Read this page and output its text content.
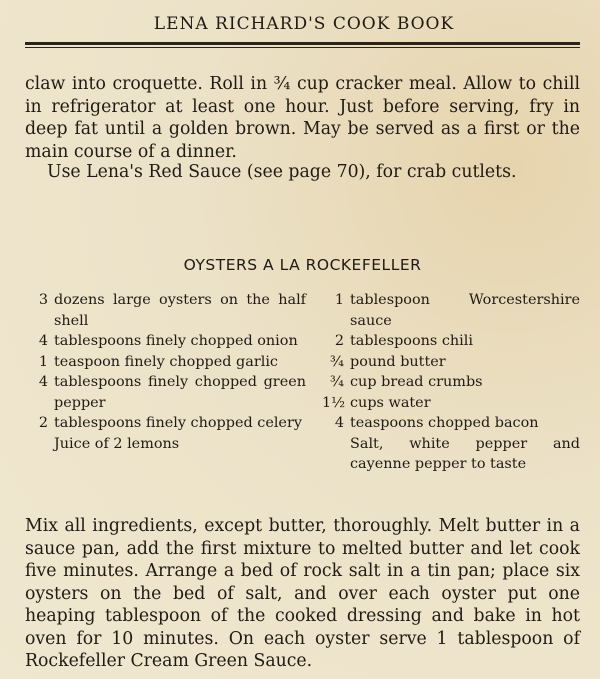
LENA RICHARD'S COOK BOOK

claw into croquette. Roll in ¾ cup cracker meal. Allow to chill in refrigerator at least one hour. Just before serving, fry in deep fat until a golden brown. May be served as a first or the main course of a dinner.

Use Lena's Red Sauce (see page 70), for crab cutlets.

OYSTERS A LA ROCKEFELLER
3 dozens large oysters on the half shell
4 tablespoons finely chopped onion
1 teaspoon finely chopped garlic
4 tablespoons finely chopped green pepper
2 tablespoons finely chopped celery
Juice of 2 lemons
1 tablespoon Worcestershire sauce
2 tablespoons chili
¾ pound butter
¾ cup bread crumbs
1½ cups water
4 teaspoons chopped bacon
Salt, white pepper and cayenne pepper to taste

Mix all ingredients, except butter, thoroughly. Melt butter in a sauce pan, add the first mixture to melted butter and let cook five minutes. Arrange a bed of rock salt in a tin pan; place six oysters on the bed of salt, and over each oyster put one heaping tablespoon of the cooked dressing and bake in hot oven for 10 minutes. On each oyster serve 1 tablespoon of Rockefeller Cream Green Sauce.
